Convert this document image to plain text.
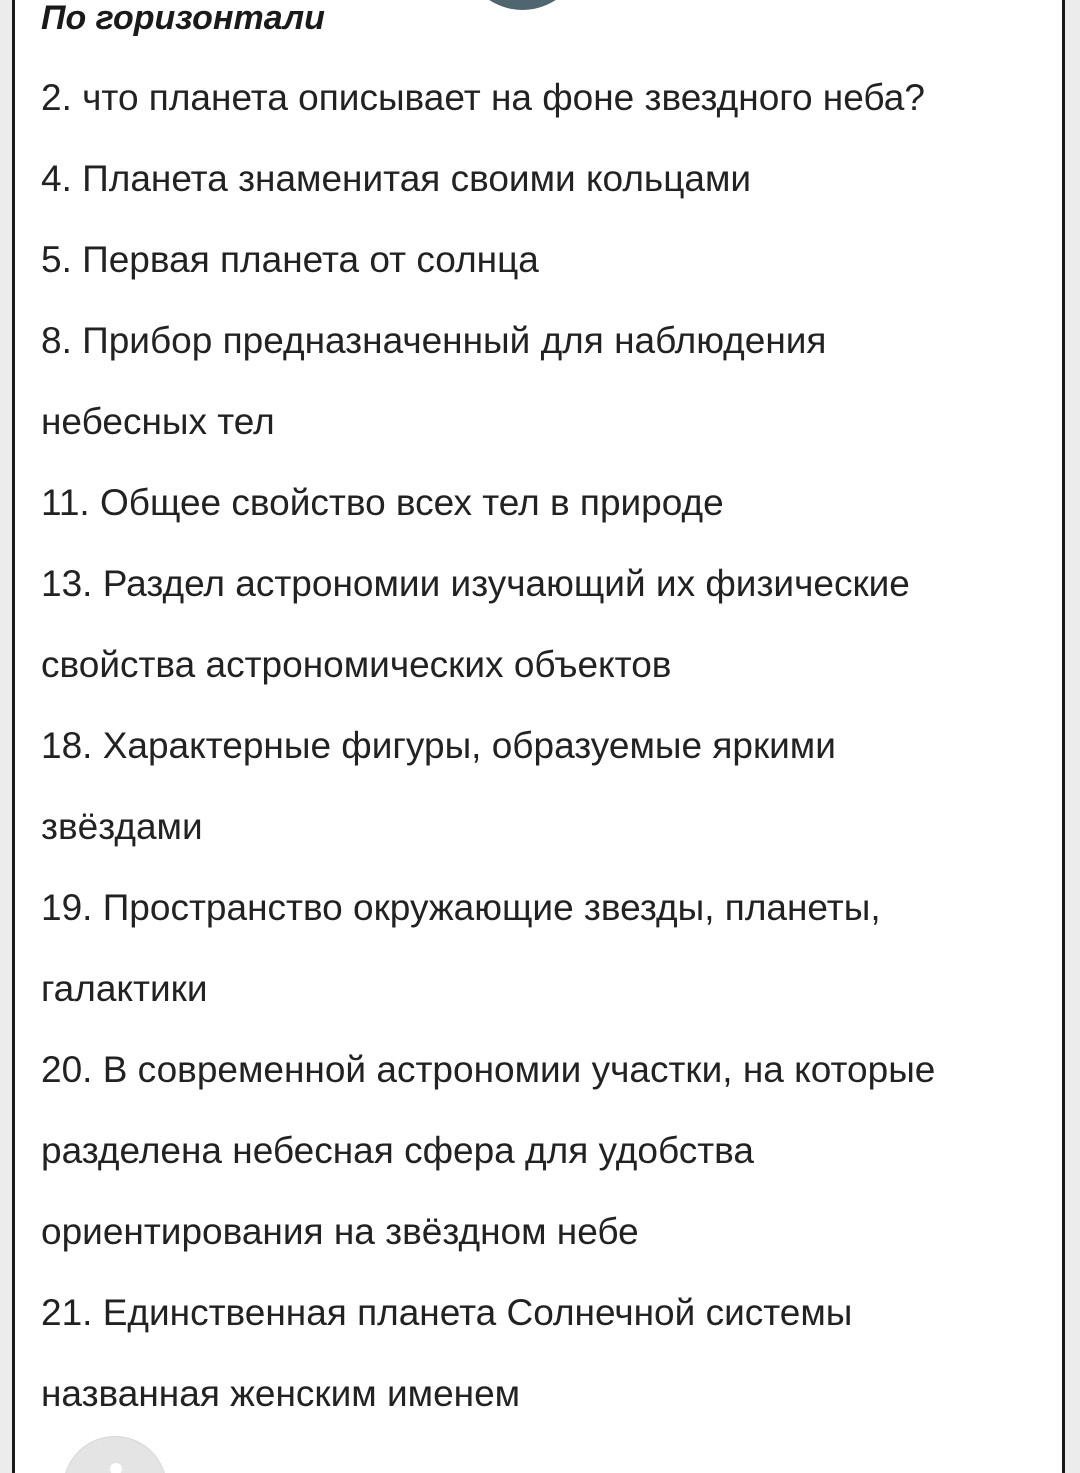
По горизонтали
2. что планета описывает на фоне звездного неба?
4. Планета знаменитая своими кольцами
5. Первая планета от солнца
8. Прибор предназначенный для наблюдения
небесных тел
11. Общее свойство всех тел в природе
13. Раздел астрономии изучающий их физические
свойства астрономических объектов
18. Характерные фигуры, образуемые яркими
звёздами
19. Пространство окружающие звезды, планеты,
галактики
20. В современной астрономии участки, на которые
разделена небесная сфера для удобства
ориентирования на звёздном небе
21. Единственная планета Солнечной системы
названная женским именем
